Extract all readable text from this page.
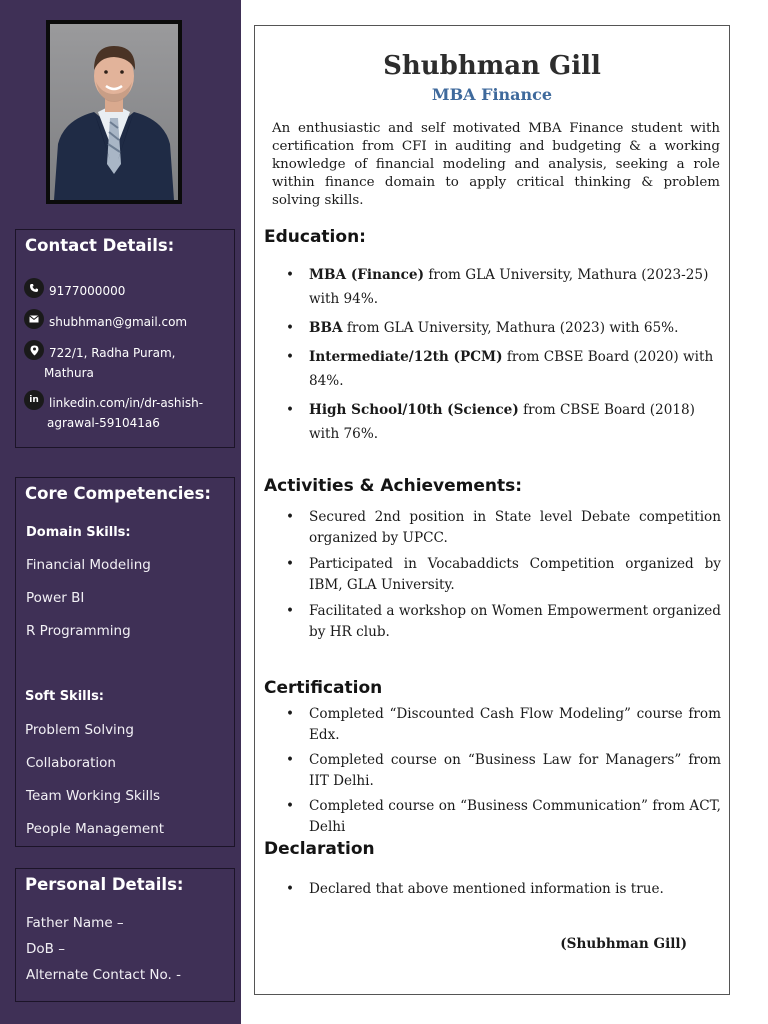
Contact Details:
9177000000
shubhman@gmail.com
722/1, Radha Puram,
Mathura
in linkedin.com/in/dr-ashish-
agrawal-591041a6
Core Competencies:
Domain Skills:
Financial Modeling
Power BI
R Programming
Soft Skills:
Problem Solving
Collaboration
Team Working Skills
People Management
Personal Details:
Father Name –
DoB –
Alternate Contact No. -
Shubhman Gill
MBA Finance
An enthusiastic and self motivated MBA Finance student with certification from CFI in auditing and budgeting & a working knowledge of financial modeling and analysis, seeking a role within finance domain to apply critical thinking & problem solving skills.
Education:
• MBA (Finance) from GLA University, Mathura (2023-25) with 94%.
• BBA from GLA University, Mathura (2023) with 65%.
• Intermediate/12th (PCM) from CBSE Board (2020) with 84%.
• High School/10th (Science) from CBSE Board (2018) with 76%.
Activities & Achievements:
• Secured 2nd position in State level Debate competition organized by UPCC.
• Participated in Vocabaddicts Competition organized by IBM, GLA University.
• Facilitated a workshop on Women Empowerment organized by HR club.
Certification
• Completed “Discounted Cash Flow Modeling” course from Edx.
• Completed course on “Business Law for Managers” from IIT Delhi.
• Completed course on “Business Communication” from ACT, Delhi
Declaration
• Declared that above mentioned information is true.
(Shubhman Gill)
